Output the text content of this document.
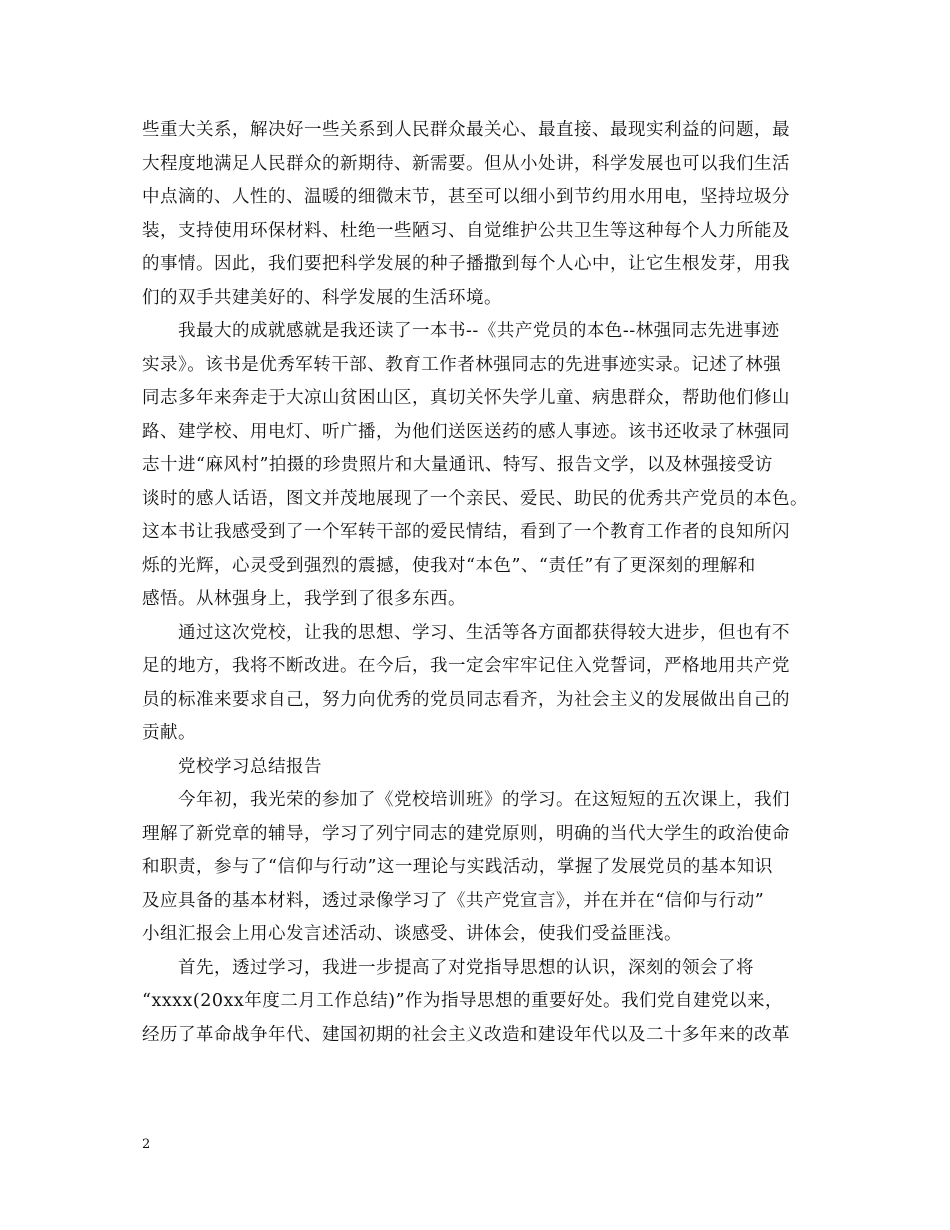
些重大关系，解决好一些关系到人民群众最关心、最直接、最现实利益的问题，最
大程度地满足人民群众的新期待、新需要。但从小处讲，科学发展也可以我们生活
中点滴的、人性的、温暖的细微末节，甚至可以细小到节约用水用电，坚持垃圾分
装，支持使用环保材料、杜绝一些陋习、自觉维护公共卫生等这种每个人力所能及
的事情。因此，我们要把科学发展的种子播撒到每个人心中，让它生根发芽，用我
们的双手共建美好的、科学发展的生活环境。
　　我最大的成就感就是我还读了一本书--《共产党员的本色--林强同志先进事迹
实录》。该书是优秀军转干部、教育工作者林强同志的先进事迹实录。记述了林强
同志多年来奔走于大凉山贫困山区，真切关怀失学儿童、病患群众，帮助他们修山
路、建学校、用电灯、听广播，为他们送医送药的感人事迹。该书还收录了林强同
志十进“麻风村”拍摄的珍贵照片和大量通讯、特写、报告文学，以及林强接受访
谈时的感人话语，图文并茂地展现了一个亲民、爱民、助民的优秀共产党员的本色。
这本书让我感受到了一个军转干部的爱民情结，看到了一个教育工作者的良知所闪
烁的光辉，心灵受到强烈的震撼，使我对“本色”、“责任”有了更深刻的理解和
感悟。从林强身上，我学到了很多东西。
　　通过这次党校，让我的思想、学习、生活等各方面都获得较大进步，但也有不
足的地方，我将不断改进。在今后，我一定会牢牢记住入党誓词，严格地用共产党
员的标准来要求自己，努力向优秀的党员同志看齐，为社会主义的发展做出自己的
贡献。
　　党校学习总结报告
　　今年初，我光荣的参加了《党校培训班》的学习。在这短短的五次课上，我们
理解了新党章的辅导，学习了列宁同志的建党原则，明确的当代大学生的政治使命
和职责，参与了“信仰与行动”这一理论与实践活动，掌握了发展党员的基本知识
及应具备的基本材料，透过录像学习了《共产党宣言》，并在并在“信仰与行动”
小组汇报会上用心发言述活动、谈感受、讲体会，使我们受益匪浅。
　　首先，透过学习，我进一步提高了对党指导思想的认识，深刻的领会了将
“xxxx(20xx年度二月工作总结)”作为指导思想的重要好处。我们党自建党以来，
经历了革命战争年代、建国初期的社会主义改造和建设年代以及二十多年来的改革
2
